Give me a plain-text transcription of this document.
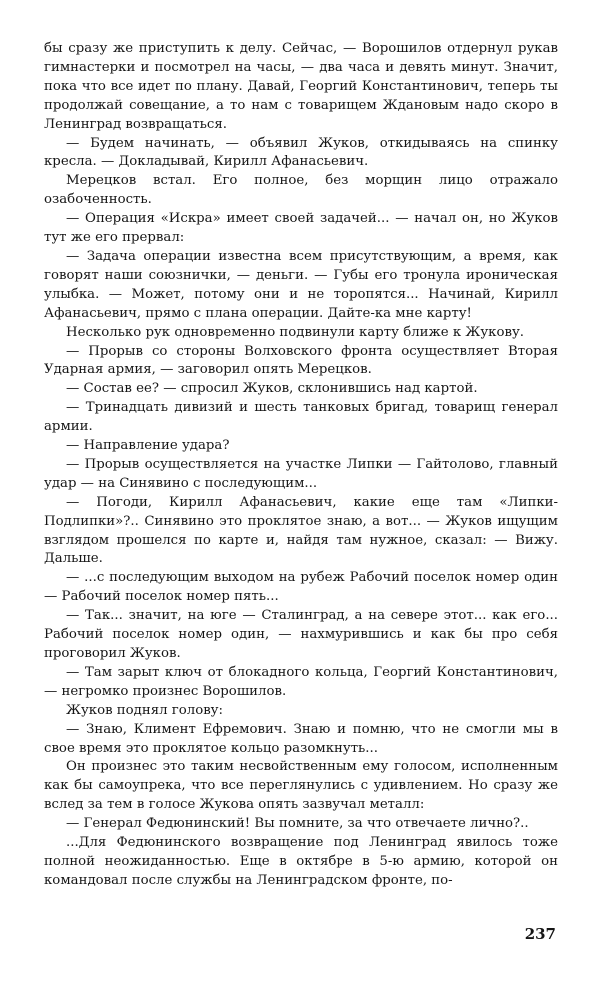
бы сразу же приступить к делу. Сейчас, — Ворошилов отдернул рукав гимнастерки и посмотрел на часы, — два часа и девять минут. Значит, пока что все идет по плану. Давай, Георгий Константинович, теперь ты продолжай совещание, а то нам с товарищем Ждановым надо скоро в Ленинград возвращаться.

— Будем начинать, — объявил Жуков, откидываясь на спинку кресла. — Докладывай, Кирилл Афанасьевич.

Мерецков встал. Его полное, без морщин лицо отражало озабоченность.

— Операция «Искра» имеет своей задачей... — начал он, но Жуков тут же его прервал:

— Задача операции известна всем присутствующим, а время, как говорят наши союзнички, — деньги. — Губы его тронула ироническая улыбка. — Может, потому они и не торопятся... Начинай, Кирилл Афанасьевич, прямо с плана операции. Дайте-ка мне карту!

Несколько рук одновременно подвинули карту ближе к Жукову.

— Прорыв со стороны Волховского фронта осуществляет Вторая Ударная армия, — заговорил опять Мерецков.

— Состав ее? — спросил Жуков, склонившись над картой.

— Тринадцать дивизий и шесть танковых бригад, товарищ генерал армии.

— Направление удара?

— Прорыв осуществляется на участке Липки — Гайтолово, главный удар — на Синявино с последующим...

— Погоди, Кирилл Афанасьевич, какие еще там «Липки-Подлипки»?.. Синявино это проклятое знаю, а вот... — Жуков ищущим взглядом прошелся по карте и, найдя там нужное, сказал: — Вижу. Дальше.

— ...с последующим выходом на рубеж Рабочий поселок номер один — Рабочий поселок номер пять...

— Так... значит, на юге — Сталинград, а на севере этот... как его... Рабочий поселок номер один, — нахмурившись и как бы про себя проговорил Жуков.

— Там зарыт ключ от блокадного кольца, Георгий Константинович, — негромко произнес Ворошилов.

Жуков поднял голову:

— Знаю, Климент Ефремович. Знаю и помню, что не смогли мы в свое время это проклятое кольцо разомкнуть...

Он произнес это таким несвойственным ему голосом, исполненным как бы самоупрека, что все переглянулись с удивлением. Но сразу же вслед за тем в голосе Жукова опять зазвучал металл:

— Генерал Федюнинский! Вы помните, за что отвечаете лично?..

...Для Федюнинского возвращение под Ленинград явилось тоже полной неожиданностью. Еще в октябре в 5-ю армию, которой он командовал после службы на Ленинградском фронте, по-

237
